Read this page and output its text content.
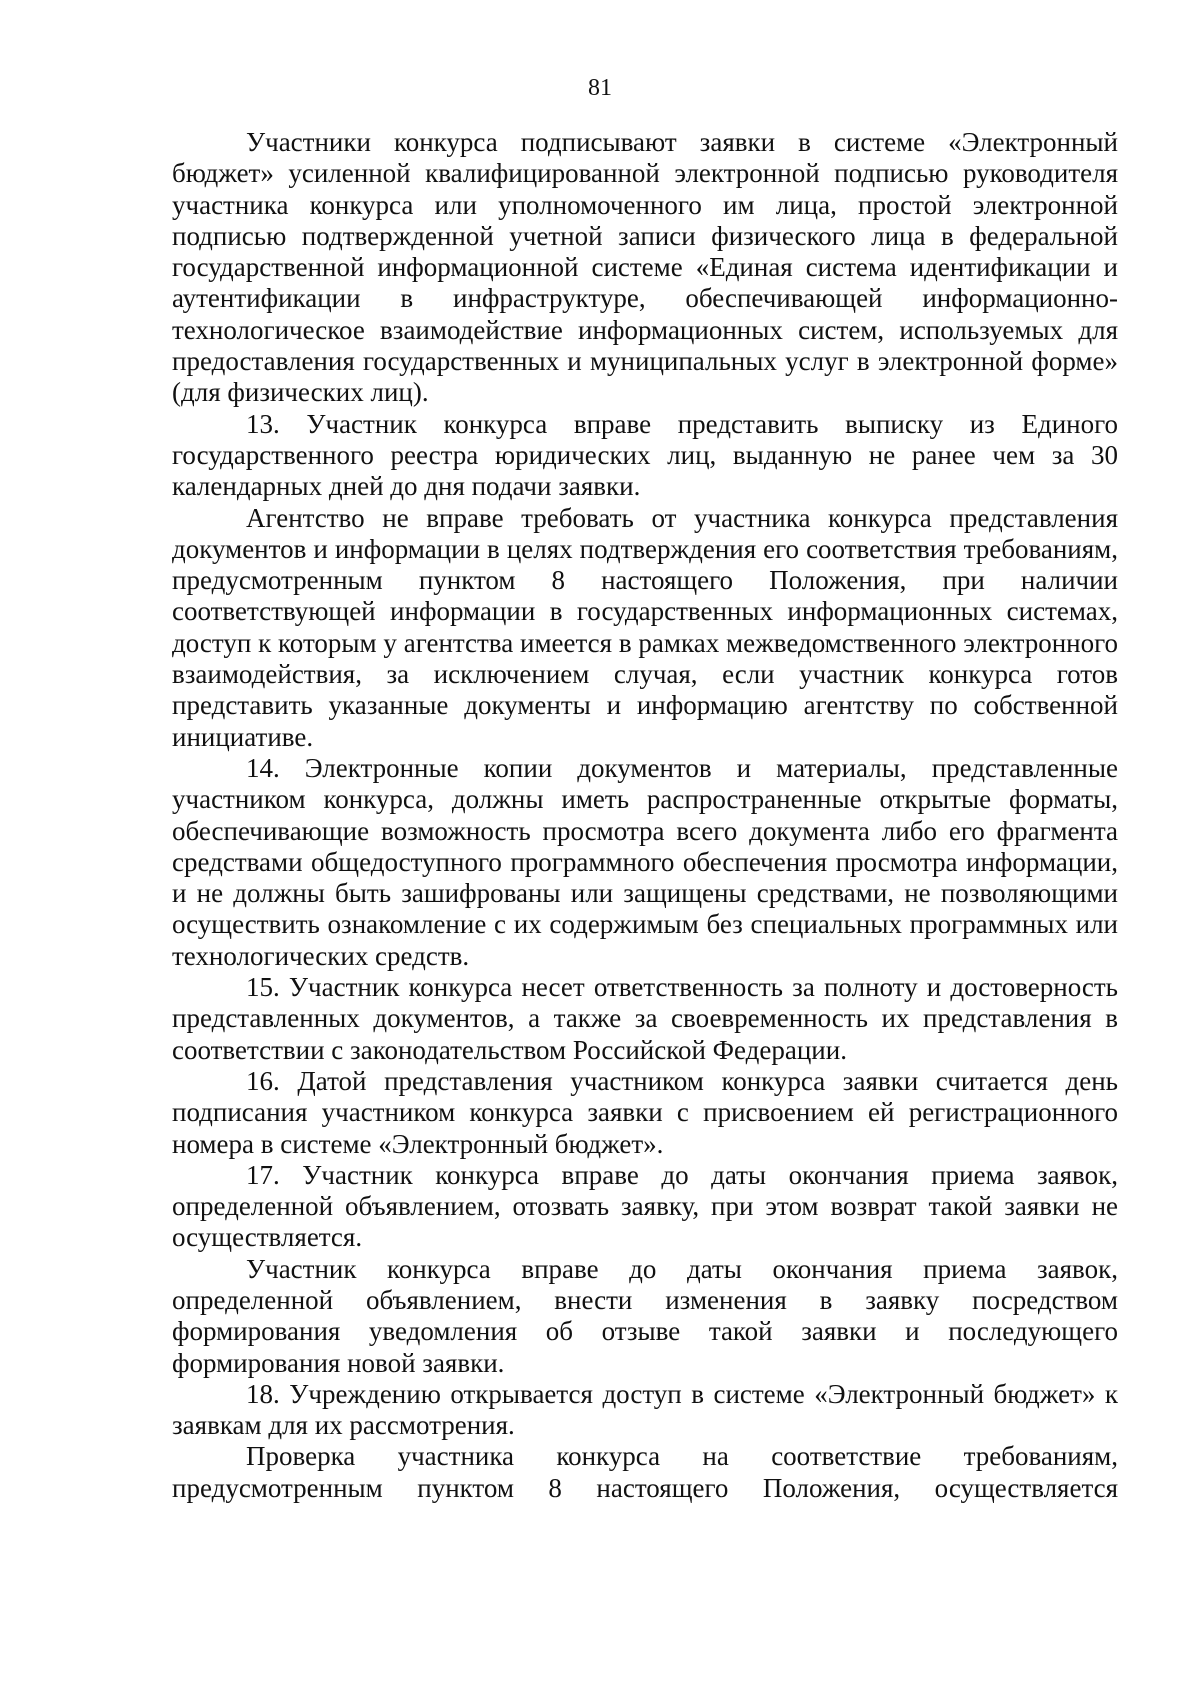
81

Участники конкурса подписывают заявки в системе «Электронный бюджет» усиленной квалифицированной электронной подписью руководителя участника конкурса или уполномоченного им лица, простой электронной подписью подтвержденной учетной записи физического лица в федеральной государственной информационной системе «Единая система идентификации и аутентификации в инфраструктуре, обеспечивающей информационно-технологическое взаимодействие информационных систем, используемых для предоставления государственных и муниципальных услуг в электронной форме» (для физических лиц).

13. Участник конкурса вправе представить выписку из Единого государственного реестра юридических лиц, выданную не ранее чем за 30 календарных дней до дня подачи заявки.

Агентство не вправе требовать от участника конкурса представления документов и информации в целях подтверждения его соответствия требованиям, предусмотренным пунктом 8 настоящего Положения, при наличии соответствующей информации в государственных информационных системах, доступ к которым у агентства имеется в рамках межведомственного электронного взаимодействия, за исключением случая, если участник конкурса готов представить указанные документы и информацию агентству по собственной инициативе.

14. Электронные копии документов и материалы, представленные участником конкурса, должны иметь распространенные открытые форматы, обеспечивающие возможность просмотра всего документа либо его фрагмента средствами общедоступного программного обеспечения просмотра информации, и не должны быть зашифрованы или защищены средствами, не позволяющими осуществить ознакомление с их содержимым без специальных программных или технологических средств.

15. Участник конкурса несет ответственность за полноту и достоверность представленных документов, а также за своевременность их представления в соответствии с законодательством Российской Федерации.

16. Датой представления участником конкурса заявки считается день подписания участником конкурса заявки с присвоением ей регистрационного номера в системе «Электронный бюджет».

17. Участник конкурса вправе до даты окончания приема заявок, определенной объявлением, отозвать заявку, при этом возврат такой заявки не осуществляется.

Участник конкурса вправе до даты окончания приема заявок, определенной объявлением, внести изменения в заявку посредством формирования уведомления об отзыве такой заявки и последующего формирования новой заявки.

18. Учреждению открывается доступ в системе «Электронный бюджет» к заявкам для их рассмотрения.

Проверка участника конкурса на соответствие требованиям, предусмотренным пунктом 8 настоящего Положения, осуществляется
